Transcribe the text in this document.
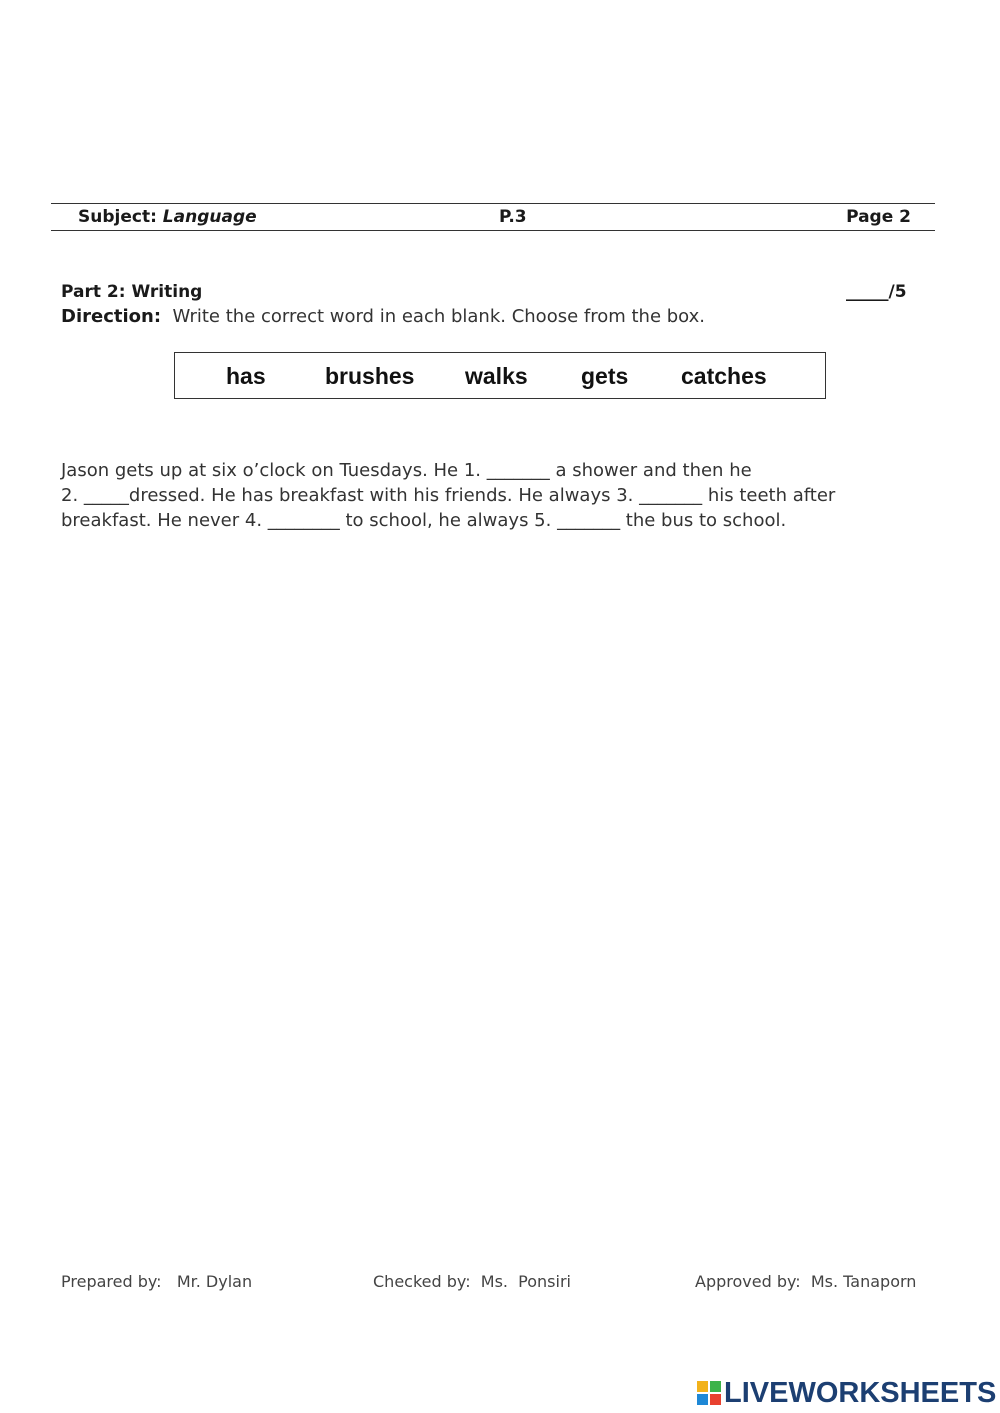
Subject: Language	P.3	Page 2
Part 2: Writing	_____/5
Direction: Write the correct word in each blank. Choose from the box.
has	brushes walks gets catches
Jason gets up at six o’clock on Tuesdays. He 1. _______ a shower and then he
2. _____dressed. He has breakfast with his friends. He always 3. _______ his teeth after
breakfast. He never 4. ________ to school, he always 5. _______ the bus to school.
Prepared by:   Mr. Dylan	Checked by:  Ms.  Ponsiri	Approved by:  Ms. Tanaporn
LIVEWORKSHEETS
